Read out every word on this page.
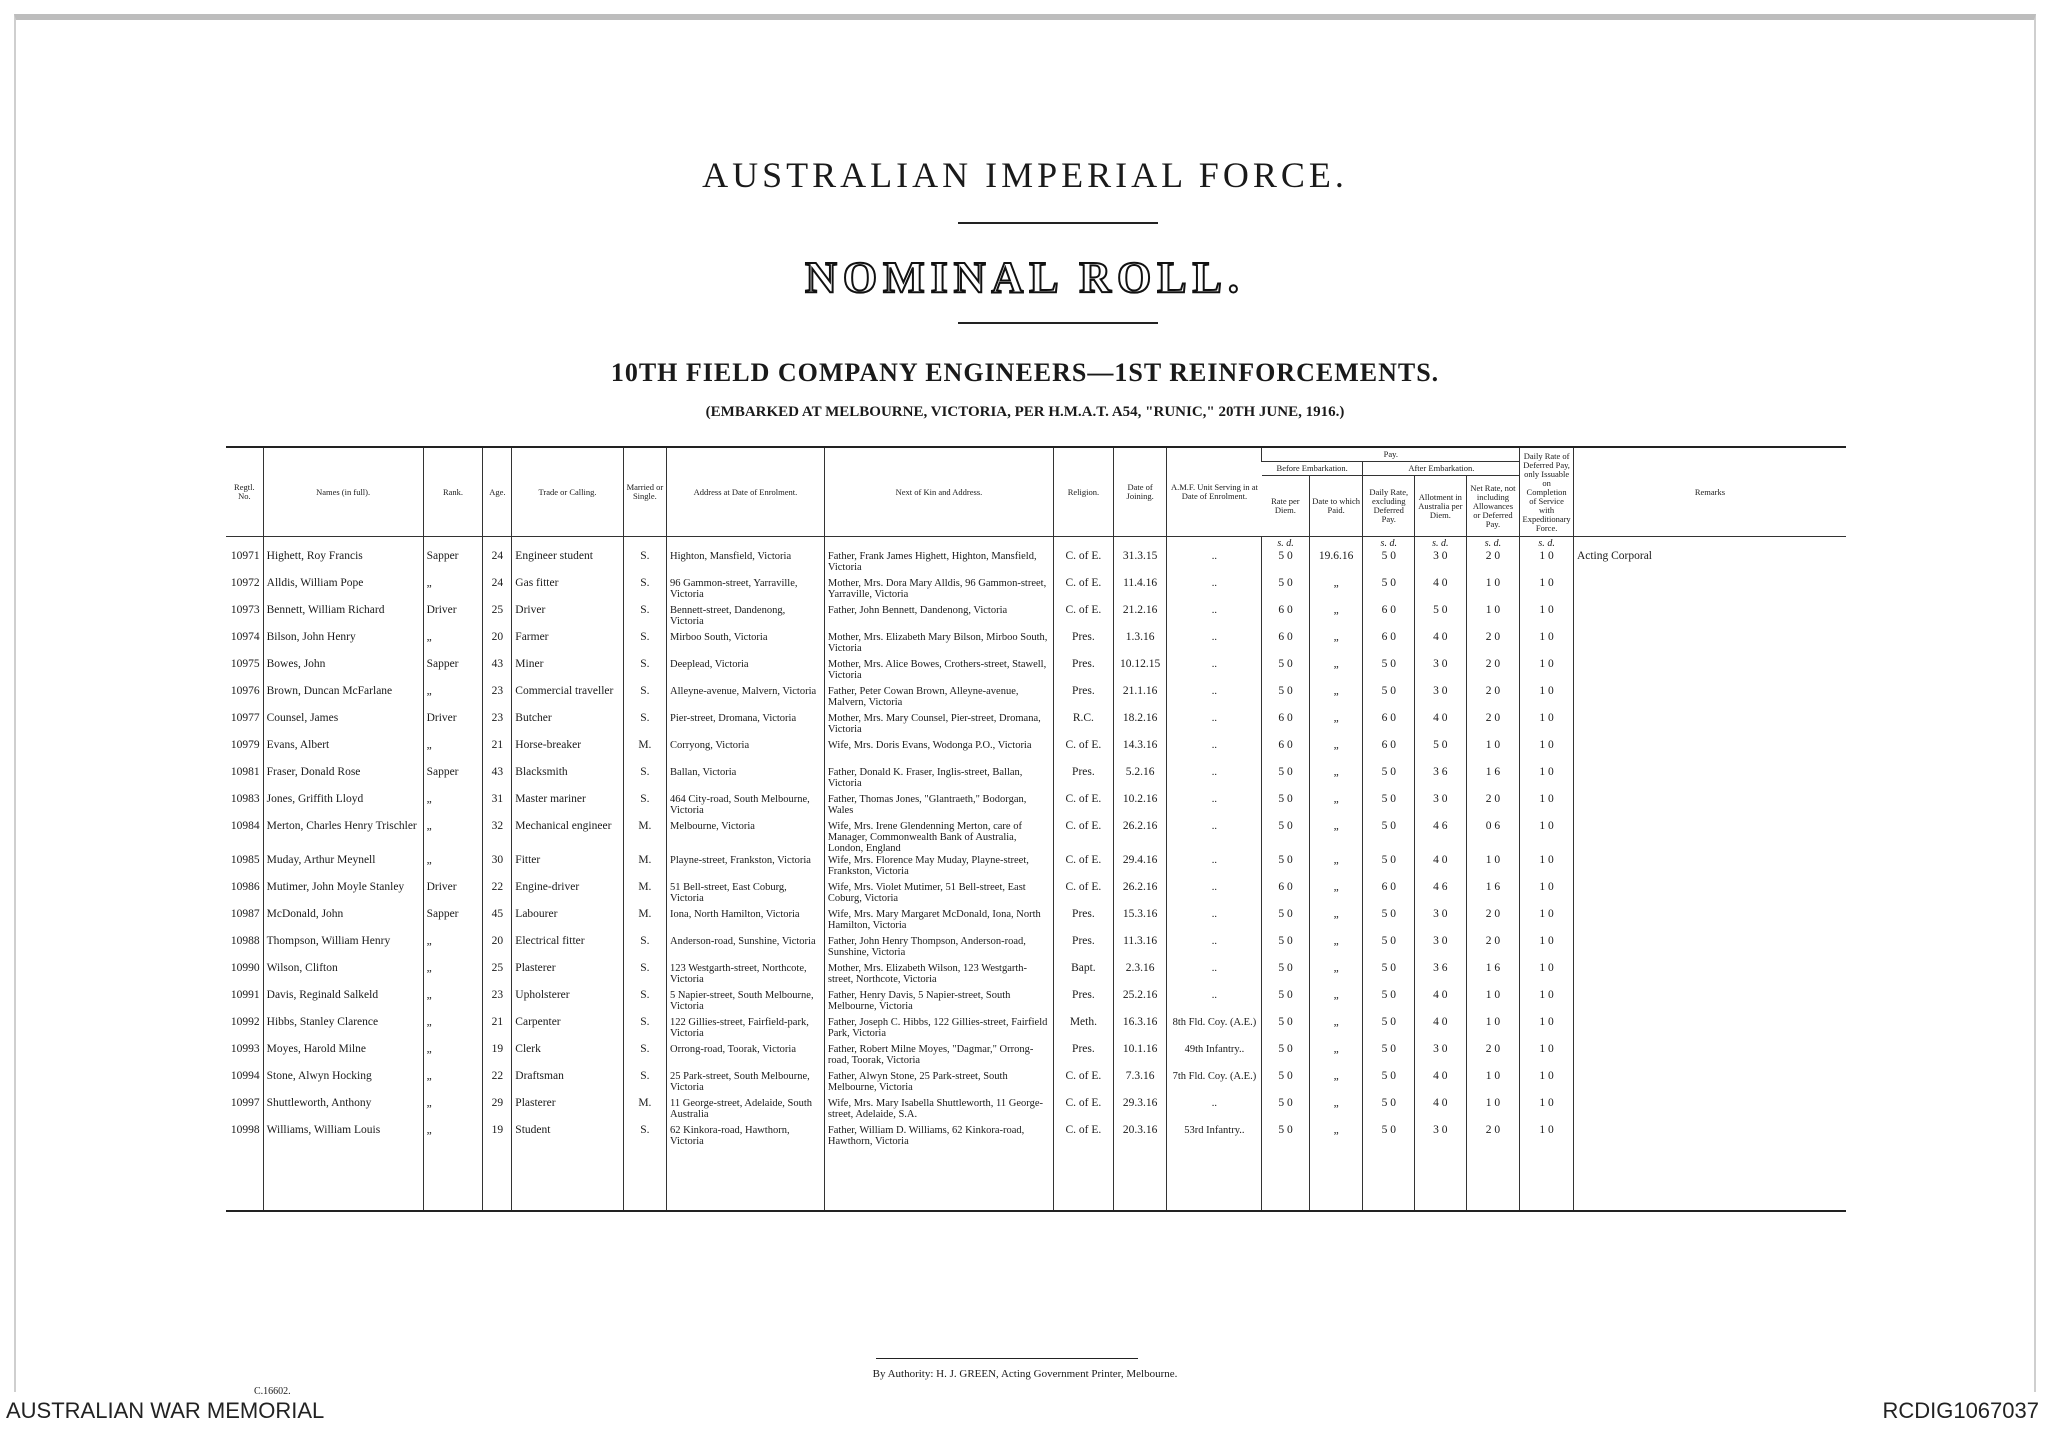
AUSTRALIAN IMPERIAL FORCE.
NOMINAL ROLL.
10TH FIELD COMPANY ENGINEERS—1ST REINFORCEMENTS.
(EMBARKED AT MELBOURNE, VICTORIA, PER H.M.A.T. A54, "RUNIC," 20TH JUNE, 1916.)
Regtl. No.	Names (in full).	Rank.	Age.	Trade or Calling.	Married or Single.	Address at Date of Enrolment.	Next of Kin and Address.	Religion.	Date of Joining.	A.M.F. Unit Serving in at Date of Enrolment.	Pay.					Daily Rate of Deferred Pay, only Issuable on Completion of Service with Expeditionary Force.	Remarks
											Before Embarkation.		After Embarkation.				
											Rate per Diem.	Date to which Paid.	Daily Rate, excluding Deferred Pay.	Allotment in Australia per Diem.	Net Rate, not including Allowances or Deferred Pay.		
											s. d.		s. d.	s. d.	s. d.	s. d.	
10971	Highett, Roy Francis	Sapper	24	Engineer student	S.	Highton, Mansfield, Victoria	Father, Frank James Highett, Highton, Mansfield, Victoria	C. of E.	31.3.15	..	5 0	19.6.16	5 0	3 0	2 0	1 0	Acting Corporal
10972	Alldis, William Pope	„	24	Gas fitter	S.	96 Gammon-street, Yarraville, Victoria	Mother, Mrs. Dora Mary Alldis, 96 Gammon-street, Yarraville, Victoria	C. of E.	11.4.16	..	5 0	„	5 0	4 0	1 0	1 0	
10973	Bennett, William Richard	Driver	25	Driver	S.	Bennett-street, Dandenong, Victoria	Father, John Bennett, Dandenong, Victoria	C. of E.	21.2.16	..	6 0	„	6 0	5 0	1 0	1 0	
10974	Bilson, John Henry	„	20	Farmer	S.	Mirboo South, Victoria	Mother, Mrs. Elizabeth Mary Bilson, Mirboo South, Victoria	Pres.	1.3.16	..	6 0	„	6 0	4 0	2 0	1 0	
10975	Bowes, John	Sapper	43	Miner	S.	Deeplead, Victoria	Mother, Mrs. Alice Bowes, Crothers-street, Stawell, Victoria	Pres.	10.12.15	..	5 0	„	5 0	3 0	2 0	1 0	
10976	Brown, Duncan McFarlane	„	23	Commercial traveller	S.	Alleyne-avenue, Malvern, Victoria	Father, Peter Cowan Brown, Alleyne-avenue, Malvern, Victoria	Pres.	21.1.16	..	5 0	„	5 0	3 0	2 0	1 0	
10977	Counsel, James	Driver	23	Butcher	S.	Pier-street, Dromana, Victoria	Mother, Mrs. Mary Counsel, Pier-street, Dromana, Victoria	R.C.	18.2.16	..	6 0	„	6 0	4 0	2 0	1 0	
10979	Evans, Albert	„	21	Horse-breaker	M.	Corryong, Victoria	Wife, Mrs. Doris Evans, Wodonga P.O., Victoria	C. of E.	14.3.16	..	6 0	„	6 0	5 0	1 0	1 0	
10981	Fraser, Donald Rose	Sapper	43	Blacksmith	S.	Ballan, Victoria	Father, Donald K. Fraser, Inglis-street, Ballan, Victoria	Pres.	5.2.16	..	5 0	„	5 0	3 6	1 6	1 0	
10983	Jones, Griffith Lloyd	„	31	Master mariner	S.	464 City-road, South Melbourne, Victoria	Father, Thomas Jones, "Glantraeth," Bodorgan, Wales	C. of E.	10.2.16	..	5 0	„	5 0	3 0	2 0	1 0	
10984	Merton, Charles Henry Trischler	„	32	Mechanical engineer	M.	Melbourne, Victoria	Wife, Mrs. Irene Glendenning Merton, care of Manager, Commonwealth Bank of Australia, London, England	C. of E.	26.2.16	..	5 0	„	5 0	4 6	0 6	1 0	
10985	Muday, Arthur Meynell	„	30	Fitter	M.	Playne-street, Frankston, Victoria	Wife, Mrs. Florence May Muday, Playne-street, Frankston, Victoria	C. of E.	29.4.16	..	5 0	„	5 0	4 0	1 0	1 0	
10986	Mutimer, John Moyle Stanley	Driver	22	Engine-driver	M.	51 Bell-street, East Coburg, Victoria	Wife, Mrs. Violet Mutimer, 51 Bell-street, East Coburg, Victoria	C. of E.	26.2.16	..	6 0	„	6 0	4 6	1 6	1 0	
10987	McDonald, John	Sapper	45	Labourer	M.	Iona, North Hamilton, Victoria	Wife, Mrs. Mary Margaret McDonald, Iona, North Hamilton, Victoria	Pres.	15.3.16	..	5 0	„	5 0	3 0	2 0	1 0	
10988	Thompson, William Henry	„	20	Electrical fitter	S.	Anderson-road, Sunshine, Victoria	Father, John Henry Thompson, Anderson-road, Sunshine, Victoria	Pres.	11.3.16	..	5 0	„	5 0	3 0	2 0	1 0	
10990	Wilson, Clifton	„	25	Plasterer	S.	123 Westgarth-street, Northcote, Victoria	Mother, Mrs. Elizabeth Wilson, 123 Westgarth-street, Northcote, Victoria	Bapt.	2.3.16	..	5 0	„	5 0	3 6	1 6	1 0	
10991	Davis, Reginald Salkeld	„	23	Upholsterer	S.	5 Napier-street, South Melbourne, Victoria	Father, Henry Davis, 5 Napier-street, South Melbourne, Victoria	Pres.	25.2.16	..	5 0	„	5 0	4 0	1 0	1 0	
10992	Hibbs, Stanley Clarence	„	21	Carpenter	S.	122 Gillies-street, Fairfield-park, Victoria	Father, Joseph C. Hibbs, 122 Gillies-street, Fairfield Park, Victoria	Meth.	16.3.16	8th Fld. Coy. (A.E.)	5 0	„	5 0	4 0	1 0	1 0	
10993	Moyes, Harold Milne	„	19	Clerk	S.	Orrong-road, Toorak, Victoria	Father, Robert Milne Moyes, "Dagmar," Orrong-road, Toorak, Victoria	Pres.	10.1.16	49th Infantry..	5 0	„	5 0	3 0	2 0	1 0	
10994	Stone, Alwyn Hocking	„	22	Draftsman	S.	25 Park-street, South Melbourne, Victoria	Father, Alwyn Stone, 25 Park-street, South Melbourne, Victoria	C. of E.	7.3.16	7th Fld. Coy. (A.E.)	5 0	„	5 0	4 0	1 0	1 0	
10997	Shuttleworth, Anthony	„	29	Plasterer	M.	11 George-street, Adelaide, South Australia	Wife, Mrs. Mary Isabella Shuttleworth, 11 George-street, Adelaide, S.A.	C. of E.	29.3.16	..	5 0	„	5 0	4 0	1 0	1 0	
10998	Williams, William Louis	„	19	Student	S.	62 Kinkora-road, Hawthorn, Victoria	Father, William D. Williams, 62 Kinkora-road, Hawthorn, Victoria	C. of E.	20.3.16	53rd Infantry..	5 0	„	5 0	3 0	2 0	1 0	

By Authority: H. J. GREEN, Acting Government Printer, Melbourne.
C.16602.
AUSTRALIAN WAR MEMORIAL	RCDIG1067037
